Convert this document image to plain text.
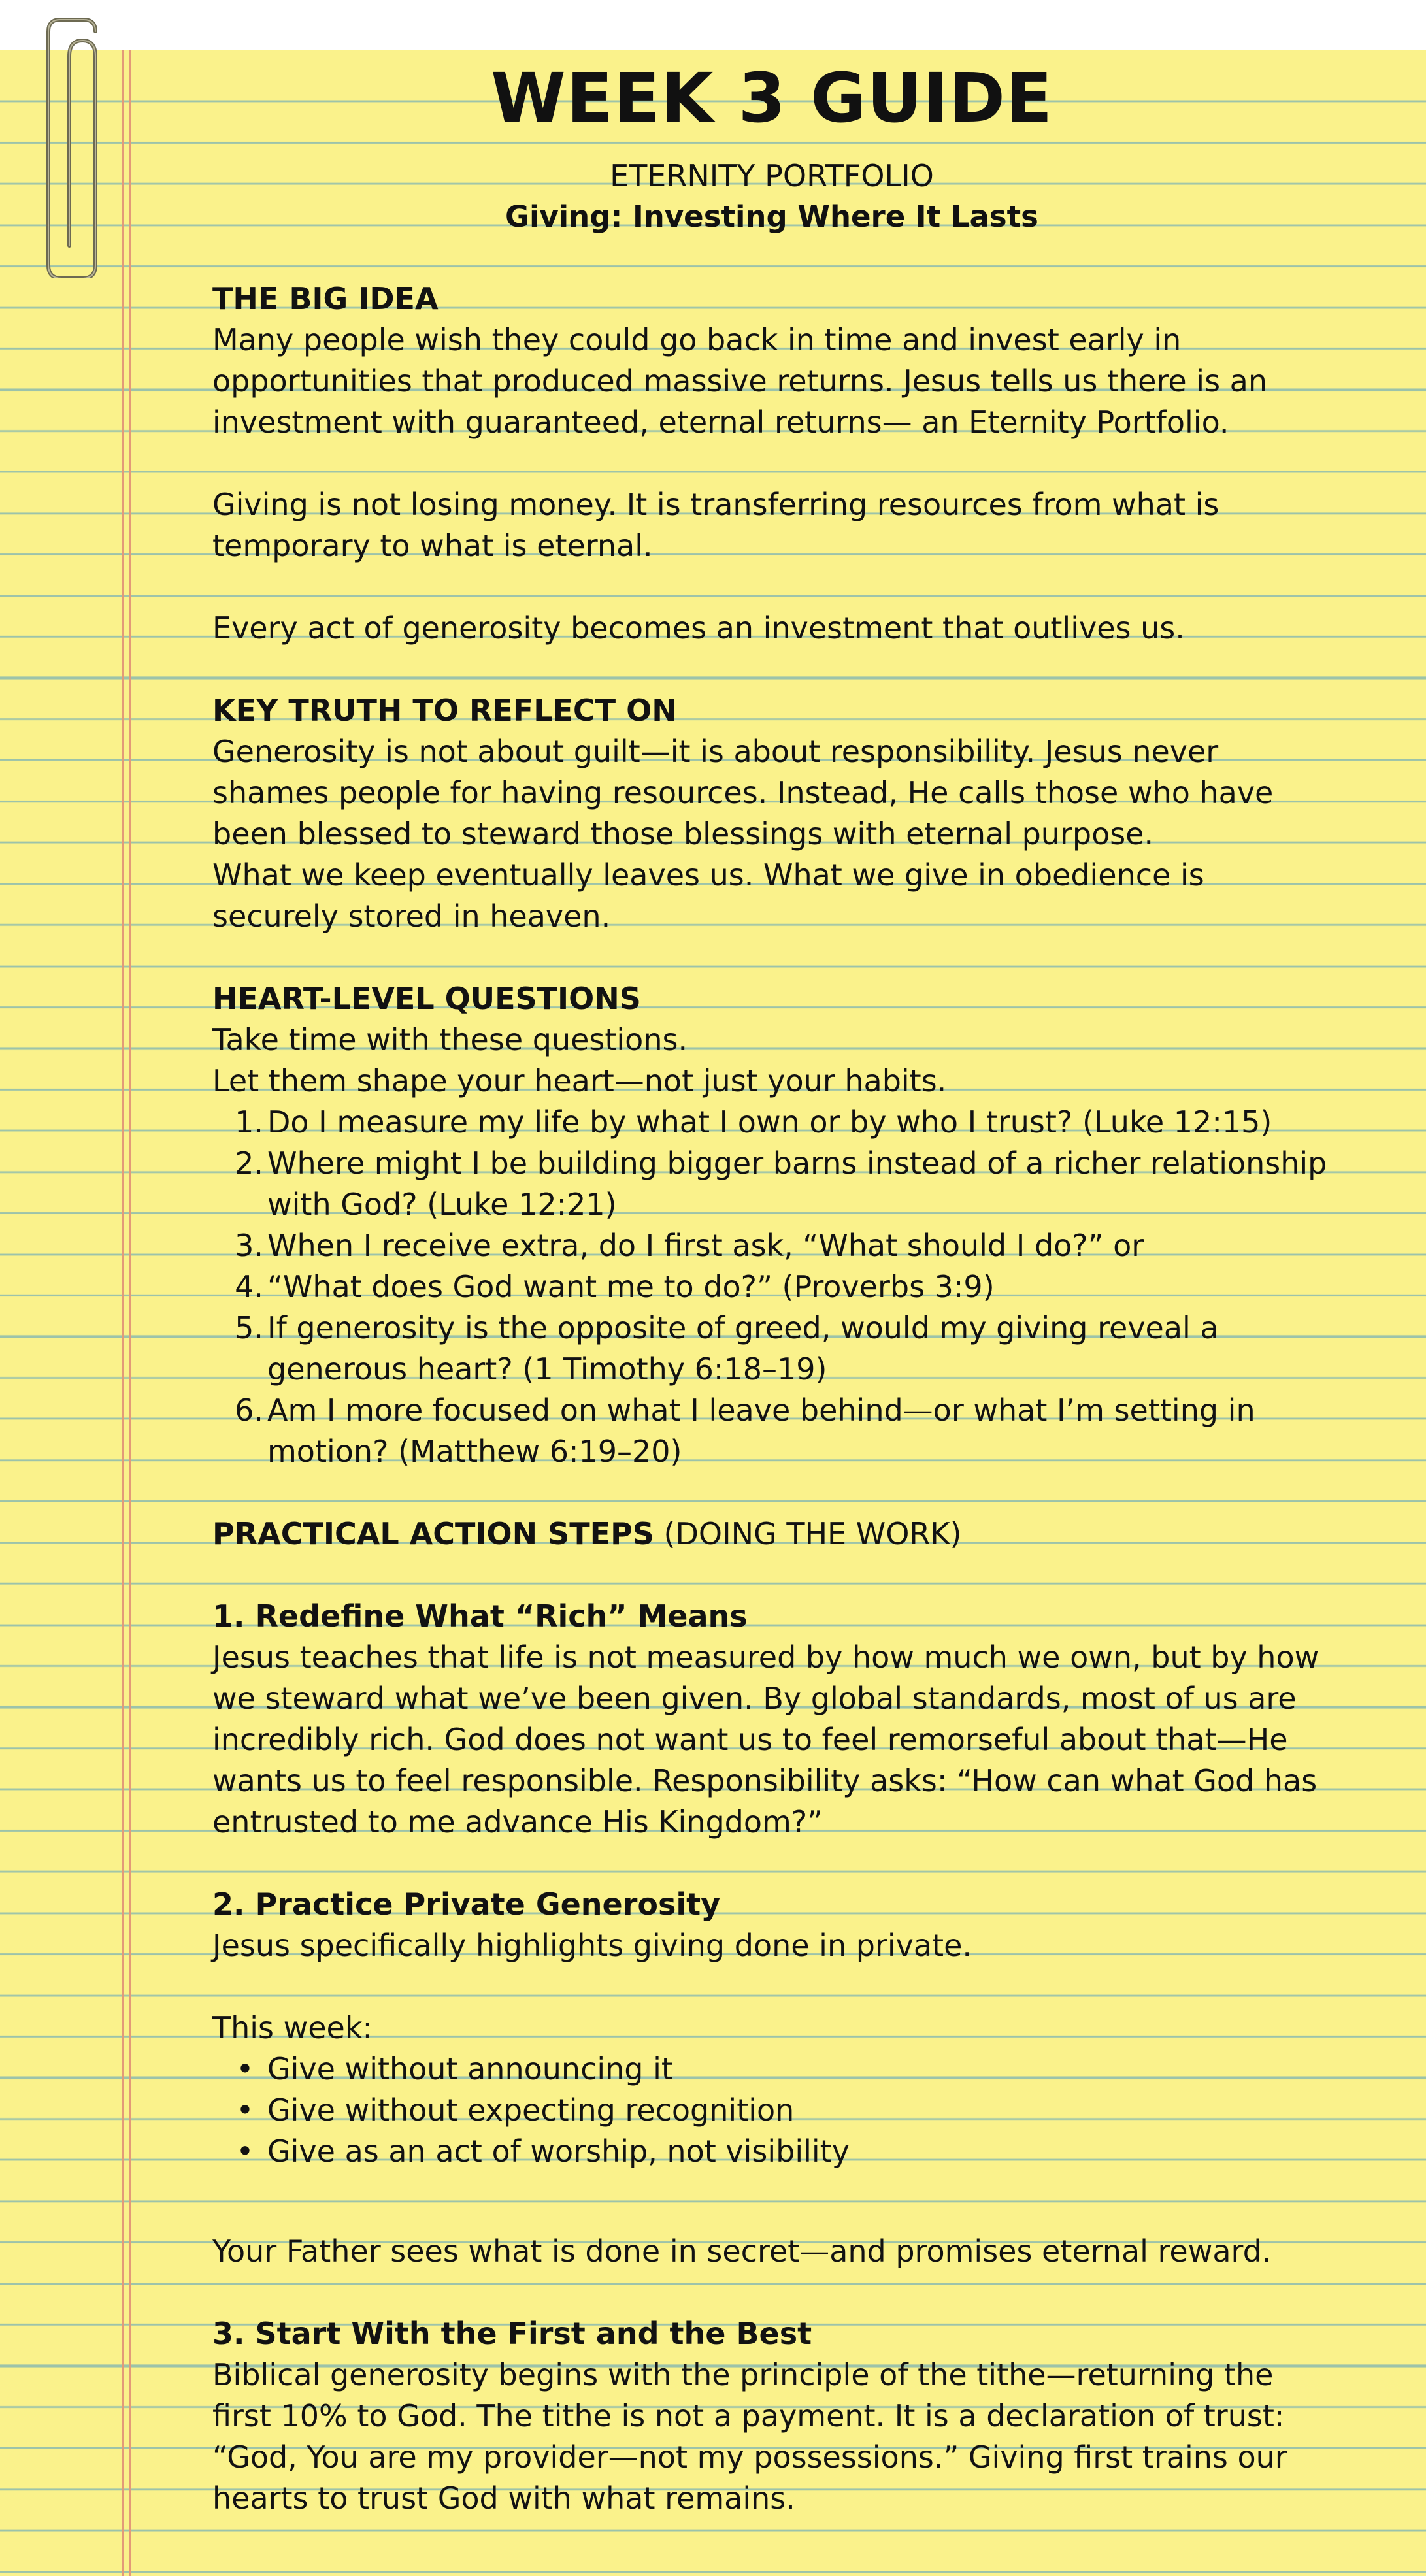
WEEK 3 GUIDE
ETERNITY PORTFOLIO
Giving: Investing Where It Lasts
THE BIG IDEA

Many people wish they could go back in time and invest early in opportunities that produced massive returns. Jesus tells us there is an investment with guaranteed, eternal returns— an Eternity Portfolio.

Giving is not losing money. It is transferring resources from what is temporary to what is eternal.

Every act of generosity becomes an investment that outlives us.

KEY TRUTH TO REFLECT ON

Generosity is not about guilt—it is about responsibility. Jesus never shames people for having resources. Instead, He calls those who have been blessed to steward those blessings with eternal purpose.

What we keep eventually leaves us. What we give in obedience is securely stored in heaven.

HEART-LEVEL QUESTIONS

Take time with these questions.

Let them shape your heart—not just your habits.

1. Do I measure my life by what I own or by who I trust? (Luke 12:15)
2. Where might I be building bigger barns instead of a richer relationship with God? (Luke 12:21)
3. When I receive extra, do I first ask, “What should I do?” or
4. “What does God want me to do?” (Proverbs 3:9)
5. If generosity is the opposite of greed, would my giving reveal a generous heart? (1 Timothy 6:18–19)
6. Am I more focused on what I leave behind—or what I’m setting in motion? (Matthew 6:19–20)
PRACTICAL ACTION STEPS (DOING THE WORK)
1. Redefine What “Rich” Means

Jesus teaches that life is not measured by how much we own, but by how we steward what we’ve been given. By global standards, most of us are incredibly rich. God does not want us to feel remorseful about that—He wants us to feel responsible. Responsibility asks: “How can what God has entrusted to me advance His Kingdom?”

2. Practice Private Generosity

Jesus specifically highlights giving done in private.

This week:

• Give without announcing it
• Give without expecting recognition
• Give as an act of worship, not visibility

Your Father sees what is done in secret—and promises eternal reward.

3. Start With the First and the Best

Biblical generosity begins with the principle of the tithe—returning the first 10% to God. The tithe is not a payment. It is a declaration of trust: “God, You are my provider—not my possessions.” Giving first trains our hearts to trust God with what remains.
